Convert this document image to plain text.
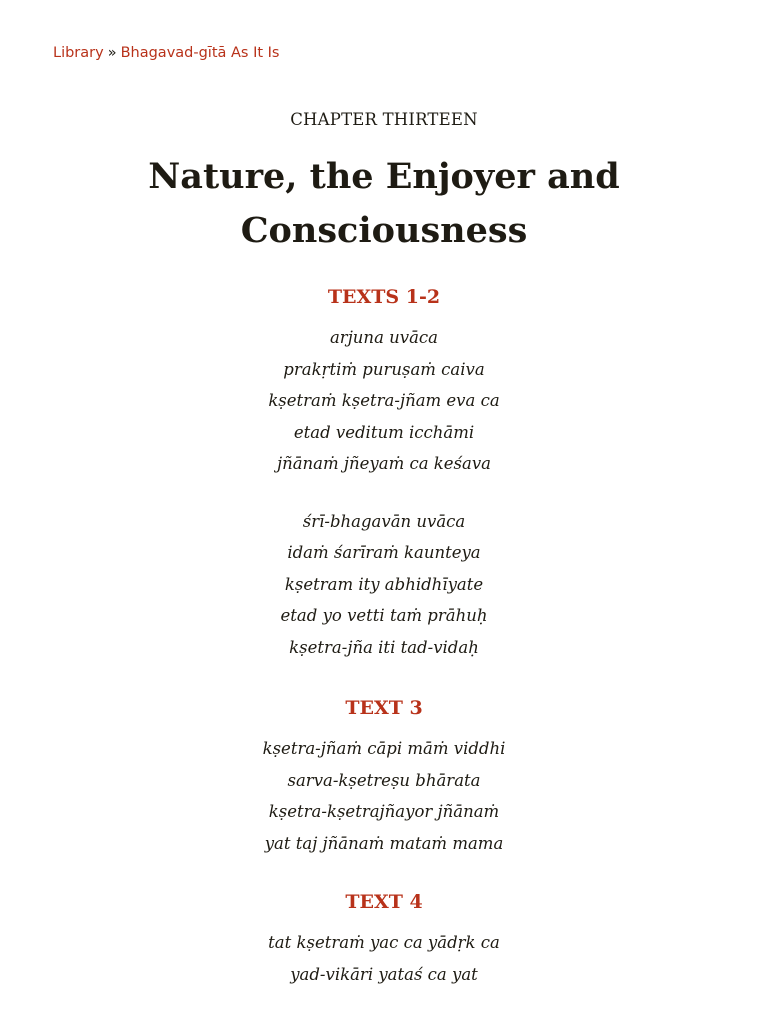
Library » Bhagavad-gītā As It Is
CHAPTER THIRTEEN
Nature, the Enjoyer and Consciousness
TEXTS 1-2

arjuna uvāca
prakṛtiṁ puruṣaṁ caiva
kṣetraṁ kṣetra-jñam eva ca
etad veditum icchāmi
jñānaṁ jñeyaṁ ca keśava

śrī-bhagavān uvāca
idaṁ śarīraṁ kaunteya
kṣetram ity abhidhīyate
etad yo vetti taṁ prāhuḥ
kṣetra-jña iti tad-vidaḥ

TEXT 3

kṣetra-jñaṁ cāpi māṁ viddhi
sarva-kṣetreṣu bhārata
kṣetra-kṣetrajñayor jñānaṁ
yat taj jñānaṁ mataṁ mama

TEXT 4

tat kṣetraṁ yac ca yādṛk ca
yad-vikāri yataś ca yat
